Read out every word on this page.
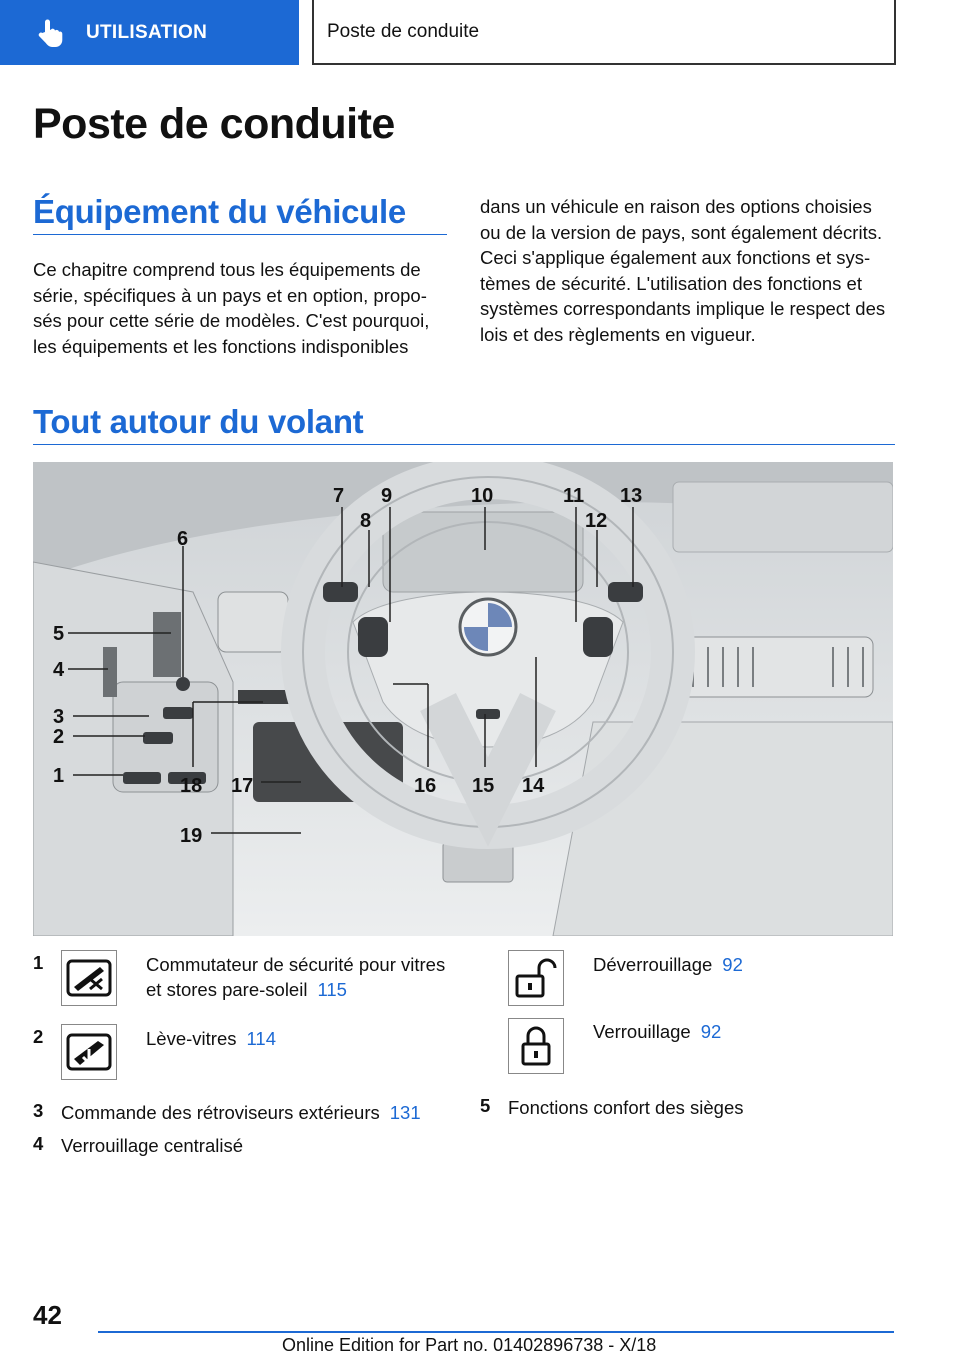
UTILISATION	Poste de conduite
Poste de conduite
Équipement du véhicule

Ce chapitre comprend tous les équipements de série, spécifiques à un pays et en option, proposés pour cette série de modèles. C'est pourquoi, les équipements et les fonctions indisponibles

dans un véhicule en raison des options choisies ou de la version de pays, sont également décrits. Ceci s'applique également aux fonctions et systèmes de sécurité. L'utilisation des fonctions et systèmes correspondants implique le respect des lois et des règlements en vigueur.

Tout autour du volant
5
4
3
2
1
6
7
8
9	10	11
12
13
14
15
16
17
18
19
1	Commutateur de sécurité pour vitres et stores pare-soleil 115
2	Lève-vitres 114
3 Commande des rétroviseurs extérieurs 131
4 Verrouillage centralisé
Déverrouillage 92
Verrouillage 92
5 Fonctions confort des sièges
42
Online Edition for Part no. 01402896738 - X/18
